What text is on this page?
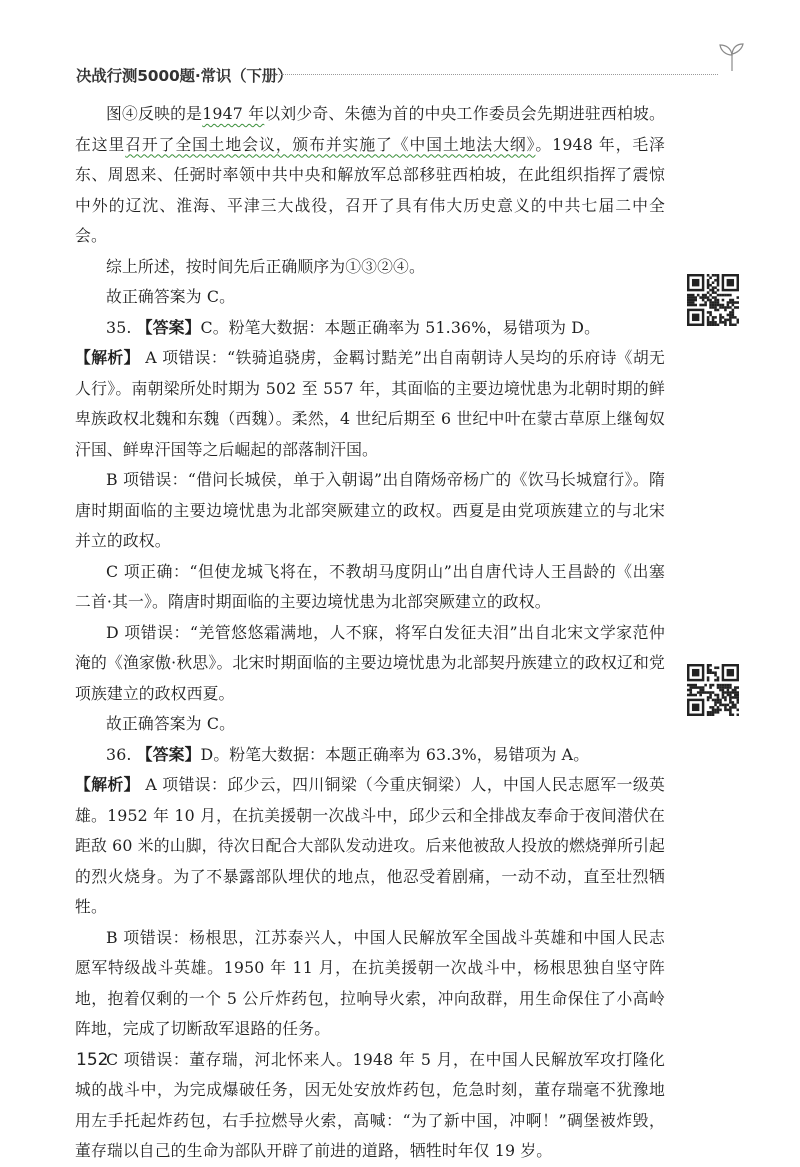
决战行测5000题·常识（下册）

图④反映的是1947 年以刘少奇、朱德为首的中央工作委员会先期进驻西柏坡。在这里召开了全国土地会议，颁布并实施了《中国土地法大纲》。1948 年，毛泽东、周恩来、任弼时率领中共中央和解放军总部移驻西柏坡，在此组织指挥了震惊中外的辽沈、淮海、平津三大战役，召开了具有伟大历史意义的中共七届二中全会。

综上所述，按时间先后正确顺序为①③②④。

故正确答案为 C。

35. 【答案】C。粉笔大数据：本题正确率为 51.36%，易错项为 D。

【解析】 A 项错误：“铁骑追骁虏，金羁讨黠羌”出自南朝诗人吴均的乐府诗《胡无人行》。南朝梁所处时期为 502 至 557 年，其面临的主要边境忧患为北朝时期的鲜卑族政权北魏和东魏（西魏）。柔然，4 世纪后期至 6 世纪中叶在蒙古草原上继匈奴汗国、鲜卑汗国等之后崛起的部落制汗国。

B 项错误：“借问长城侯，单于入朝谒”出自隋炀帝杨广的《饮马长城窟行》。隋唐时期面临的主要边境忧患为北部突厥建立的政权。西夏是由党项族建立的与北宋并立的政权。

C 项正确：“但使龙城飞将在，不教胡马度阴山”出自唐代诗人王昌龄的《出塞二首·其一》。隋唐时期面临的主要边境忧患为北部突厥建立的政权。

D 项错误：“羌管悠悠霜满地，人不寐，将军白发征夫泪”出自北宋文学家范仲淹的《渔家傲·秋思》。北宋时期面临的主要边境忧患为北部契丹族建立的政权辽和党项族建立的政权西夏。

故正确答案为 C。

36. 【答案】D。粉笔大数据：本题正确率为 63.3%，易错项为 A。

【解析】 A 项错误：邱少云，四川铜梁（今重庆铜梁）人，中国人民志愿军一级英雄。1952 年 10 月，在抗美援朝一次战斗中，邱少云和全排战友奉命于夜间潜伏在距敌 60 米的山脚，待次日配合大部队发动进攻。后来他被敌人投放的燃烧弹所引起的烈火烧身。为了不暴露部队埋伏的地点，他忍受着剧痛，一动不动，直至壮烈牺牲。

B 项错误：杨根思，江苏泰兴人，中国人民解放军全国战斗英雄和中国人民志愿军特级战斗英雄。1950 年 11 月，在抗美援朝一次战斗中，杨根思独自坚守阵地，抱着仅剩的一个 5 公斤炸药包，拉响导火索，冲向敌群，用生命保住了小高岭阵地，完成了切断敌军退路的任务。

C 项错误：董存瑞，河北怀来人。1948 年 5 月，在中国人民解放军攻打隆化城的战斗中，为完成爆破任务，因无处安放炸药包，危急时刻，董存瑞毫不犹豫地用左手托起炸药包，右手拉燃导火索，高喊：“为了新中国，冲啊！”碉堡被炸毁，董存瑞以自己的生命为部队开辟了前进的道路，牺牲时年仅 19 岁。

152
